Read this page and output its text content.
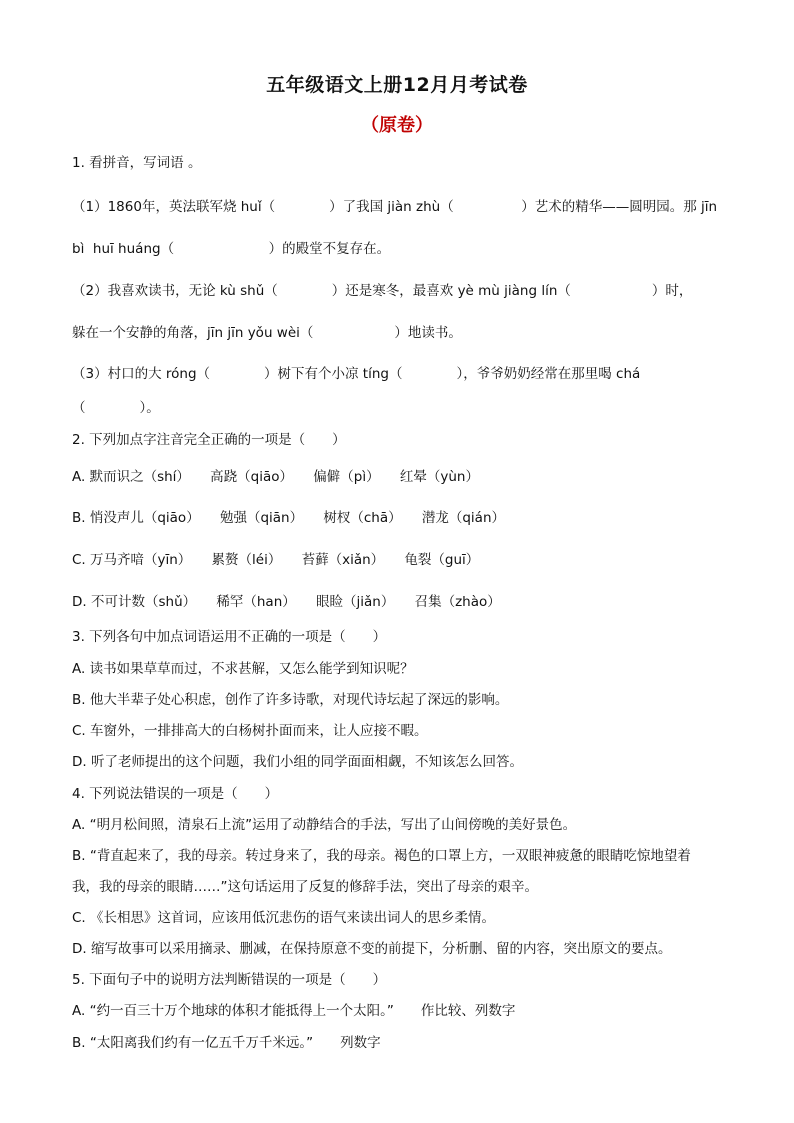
五年级语文上册12月月考试卷
（原卷）
1. 看拼音，写词语 。
（1）1860年，英法联军烧 huǐ（　　　　）了我国 jiàn zhù（　　　　　）艺术的精华——圆明园。那 jīn
bì  huī huáng（　　　　　　　）的殿堂不复存在。
（2）我喜欢读书，无论 kù shǔ（　　　　）还是寒冬，最喜欢 yè mù jiàng lín（　　　　　　）时，
躲在一个安静的角落，jīn jīn yǒu wèi（　　　　　　）地读书。
（3）村口的大 róng（　　　　）树下有个小凉 tíng（　　　　），爷爷奶奶经常在那里喝 chá
（　　　　）。
2. 下列加点字注音完全正确的一项是（　　）
A. 默而识之（shí）　　高跷（qiāo）　　偏僻（pì）　　红晕（yùn）
B. 悄没声儿（qiāo）　　勉强（qiān）　　树杈（chā）　　潜龙（qián）
C. 万马齐喑（yīn）　　累赘（léi）　　苔藓（xiǎn）　　龟裂（guī）
D. 不可计数（shǔ）　　稀罕（han）　　眼睑（jiǎn）　　召集（zhào）
3. 下列各句中加点词语运用不正确的一项是（　　）
A. 读书如果草草而过，不求甚解，又怎么能学到知识呢？
B. 他大半辈子处心积虑，创作了许多诗歌，对现代诗坛起了深远的影响。
C. 车窗外，一排排高大的白杨树扑面而来，让人应接不暇。
D. 听了老师提出的这个问题，我们小组的同学面面相觑，不知该怎么回答。
4. 下列说法错误的一项是（　　）
A. “明月松间照，清泉石上流”运用了动静结合的手法，写出了山间傍晚的美好景色。
B. “背直起来了，我的母亲。转过身来了，我的母亲。褐色的口罩上方，一双眼神疲惫的眼睛吃惊地望着
我，我的母亲的眼睛……”这句话运用了反复的修辞手法，突出了母亲的艰辛。
C. 《长相思》这首词，应该用低沉悲伤的语气来读出词人的思乡柔情。
D. 缩写故事可以采用摘录、删减，在保持原意不变的前提下，分析删、留的内容，突出原文的要点。
5. 下面句子中的说明方法判断错误的一项是（　　）
A. “约一百三十万个地球的体积才能抵得上一个太阳。”　　作比较、列数字
B. “太阳离我们约有一亿五千万千米远。”　　列数字
